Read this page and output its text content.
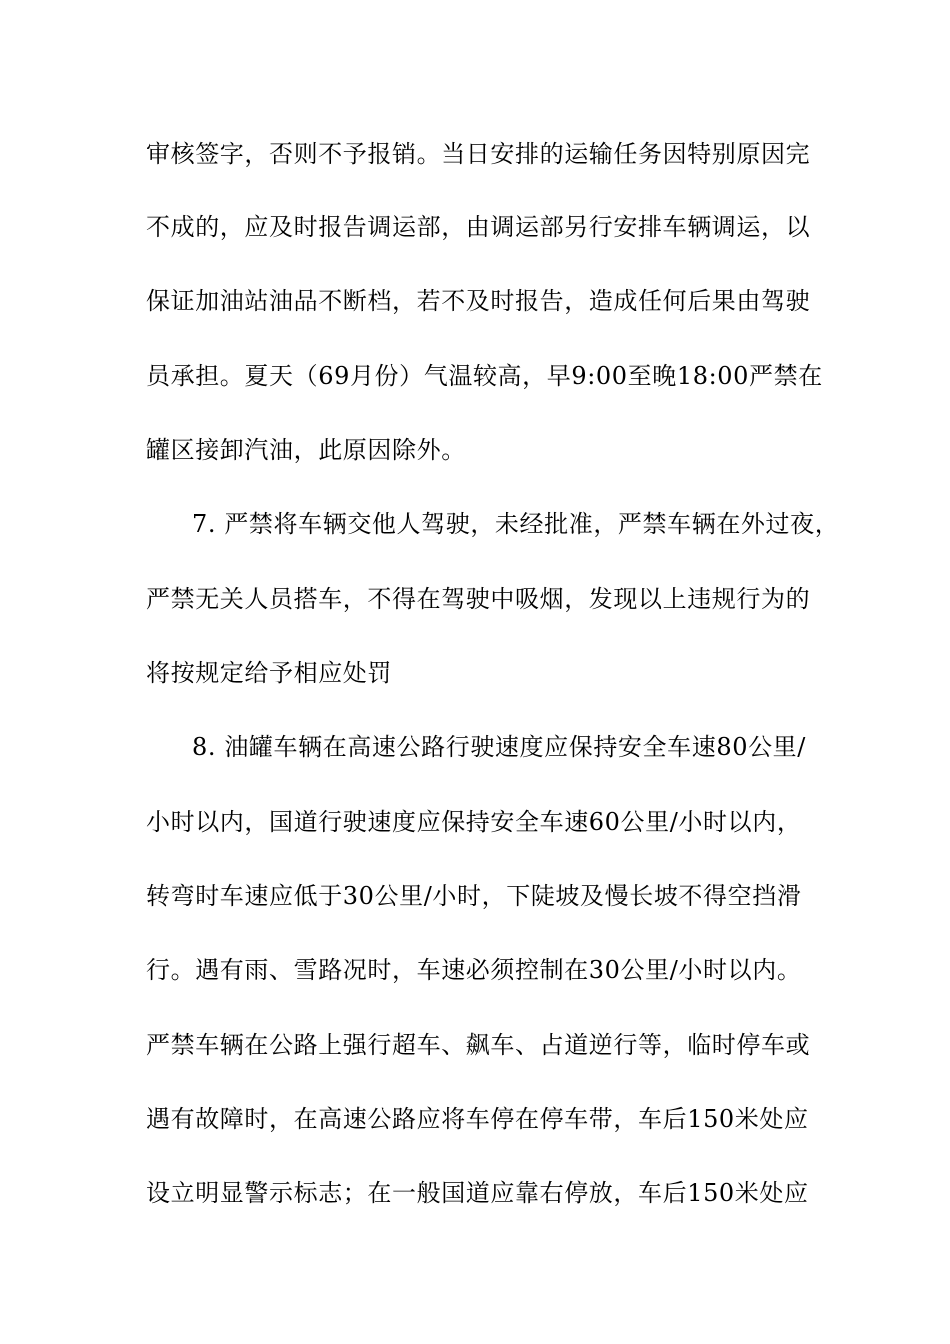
审核签字，否则不予报销。当日安排的运输任务因特别原因完
不成的，应及时报告调运部，由调运部另行安排车辆调运，以
保证加油站油品不断档，若不及时报告，造成任何后果由驾驶
员承担。夏天（69月份）气温较高，早9:00至晚18:00严禁在
罐区接卸汽油，此原因除外。
7. 严禁将车辆交他人驾驶，未经批准，严禁车辆在外过夜，
严禁无关人员搭车，不得在驾驶中吸烟，发现以上违规行为的
将按规定给予相应处罚
8. 油罐车辆在高速公路行驶速度应保持安全车速80公里/
小时以内，国道行驶速度应保持安全车速60公里/小时以内，
转弯时车速应低于30公里/小时，下陡坡及慢长坡不得空挡滑
行。遇有雨、雪路况时，车速必须控制在30公里/小时以内。
严禁车辆在公路上强行超车、飙车、占道逆行等，临时停车或
遇有故障时，在高速公路应将车停在停车带，车后150米处应
设立明显警示标志；在一般国道应靠右停放，车后150米处应
